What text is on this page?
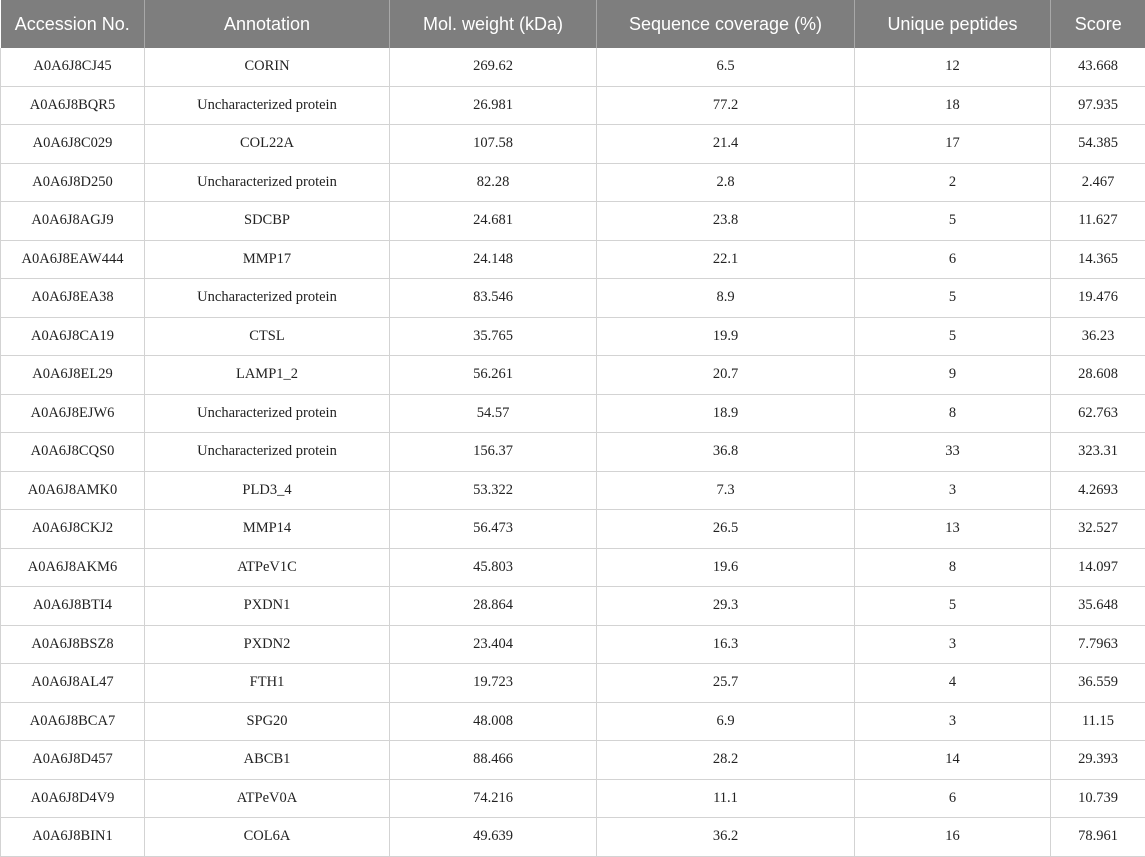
Accession No.	Annotation	Mol. weight (kDa)	Sequence coverage (%)	Unique peptides	Score
A0A6J8CJ45	CORIN	269.62	6.5	12	43.668
A0A6J8BQR5	Uncharacterized protein	26.981	77.2	18	97.935
A0A6J8C029	COL22A	107.58	21.4	17	54.385
A0A6J8D250	Uncharacterized protein	82.28	2.8	2	2.467
A0A6J8AGJ9	SDCBP	24.681	23.8	5	11.627
A0A6J8EAW444	MMP17	24.148	22.1	6	14.365
A0A6J8EA38	Uncharacterized protein	83.546	8.9	5	19.476
A0A6J8CA19	CTSL	35.765	19.9	5	36.23
A0A6J8EL29	LAMP1_2	56.261	20.7	9	28.608
A0A6J8EJW6	Uncharacterized protein	54.57	18.9	8	62.763
A0A6J8CQS0	Uncharacterized protein	156.37	36.8	33	323.31
A0A6J8AMK0	PLD3_4	53.322	7.3	3	4.2693
A0A6J8CKJ2	MMP14	56.473	26.5	13	32.527
A0A6J8AKM6	ATPeV1C	45.803	19.6	8	14.097
A0A6J8BTI4	PXDN1	28.864	29.3	5	35.648
A0A6J8BSZ8	PXDN2	23.404	16.3	3	7.7963
A0A6J8AL47	FTH1	19.723	25.7	4	36.559
A0A6J8BCA7	SPG20	48.008	6.9	3	11.15
A0A6J8D457	ABCB1	88.466	28.2	14	29.393
A0A6J8D4V9	ATPeV0A	74.216	11.1	6	10.739
A0A6J8BIN1	COL6A	49.639	36.2	16	78.961
